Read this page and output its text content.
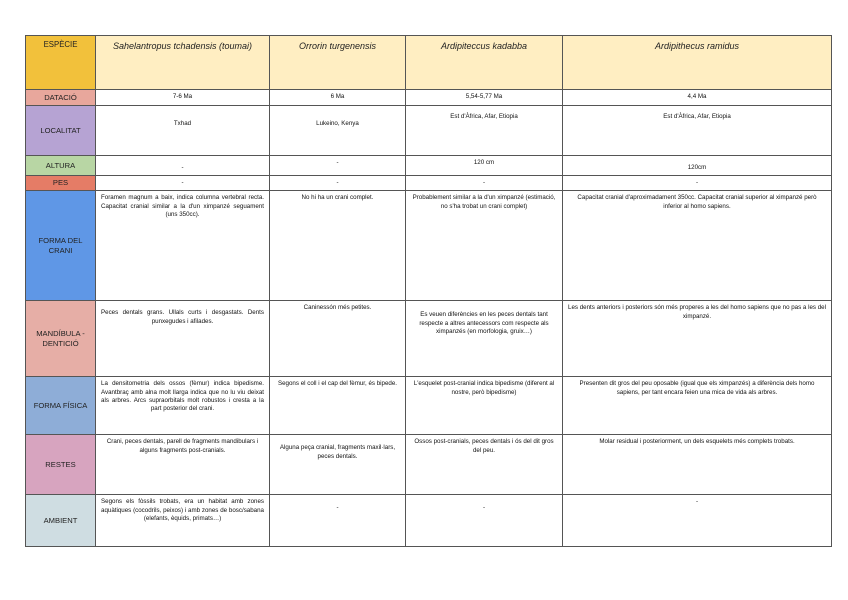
ESPÈCIE	Sahelantropus tchadensis (toumai)	Orrorin turgenensis	Ardipiteccus kadabba	Ardipithecus ramidus
DATACIÓ	7-6 Ma	6 Ma	5,54-5,77 Ma	4,4 Ma
LOCALITAT	Txhad	Lukeino, Kenya	Est d'Àfrica, Afar, Etiopia	Est d'Àfrica, Afar, Etiopia
ALTURA	-	-	120 cm	120cm
PES	-	-	-	-
FORMA DEL CRANI	Foramen magnum a baix, indica columna vertebral recta. Capacitat cranial similar a la d'un ximpanzé seguament (uns 350cc).	No hi ha un crani complet.	Probablement similar a la d'un ximpanzé (estimació, no s'ha trobat un crani complet)	Capacitat cranial d'aproximadament 350cc. Capacitat cranial superior al ximpanzé però inferior al homo sapiens.
MANDÍBULA -DENTICIÓ	Peces dentals grans. Ullals curts i desgastats. Dents punxegudes i afilades.	Caninessón més petites.	Es veuen diferències en les peces dentals tant respecte a altres antecessors com respecte als ximpanzés (en morfologia, gruix…)	Les dents anteriors i posteriors són més properes a les del homo sapiens que no pas a les del ximpanzé.
FORMA FÍSICA	La densitometria dels ossos (fèmur) indica bipedisme. Avantbraç amb alna molt llarga indica que no lu viu deixat als arbres. Arcs supraorbitals molt robustos i cresta a la part posterior del crani.	Segons el coll i el cap del fèmur, és bipede.	L'esquelet post-cranial indica bipedisme (diferent al nostre, però bipedisme)	Presenten dit gros del peu oposable (igual que els ximpanzés) a diferència dels homo sapiens, per tant encara feien una mica de vida als arbres.
RESTES	Crani, peces dentals, parell de fragments mandibulars i alguns fragments post-cranials.	Alguna peça cranial, fragments maxil·lars, peces dentals.	Ossos post-cranials, peces dentals i ós del dit gros del peu.	Molar residual i posteriorment, un dels esquelets més complets trobats.
AMBIENT	Segons els fòssils trobats, era un habitat amb zones aquàtiques (cocodrils, peixos) i amb zones de bosc/sabana (elefants, èquids, primats…)	-	-	-
